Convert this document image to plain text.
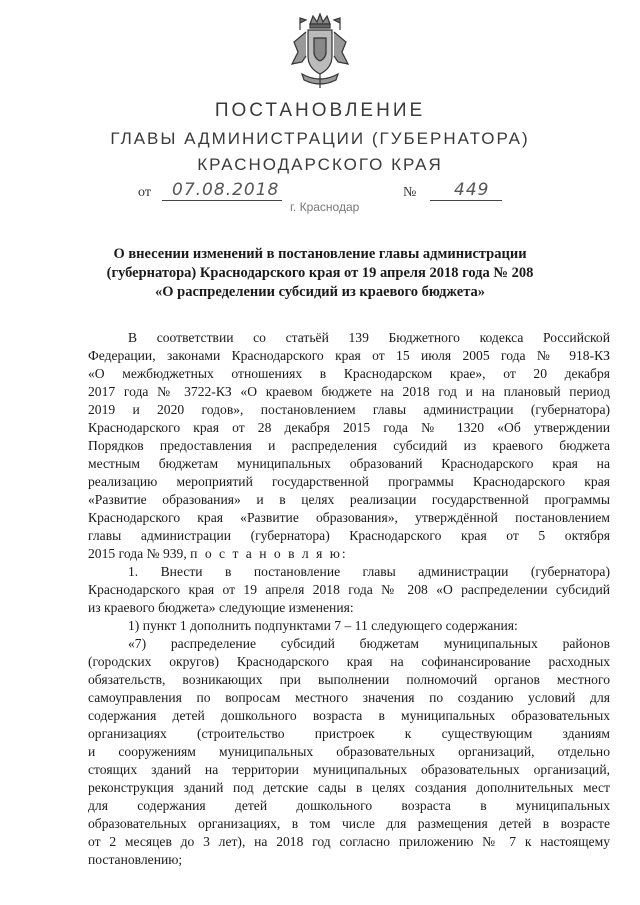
ПОСТАНОВЛЕНИЕ
ГЛАВЫ АДМИНИСТРАЦИИ (ГУБЕРНАТОРА)
КРАСНОДАРСКОГО КРАЯ
от 07.08.2018	№ 449
г. Краснодар
О внесении изменений в постановление главы администрации
(губернатора) Краснодарского края от 19 апреля 2018 года № 208
«О распределении субсидий из краевого бюджета»
В соответствии со статьёй 139 Бюджетного кодекса Российской
Федерации, законами Краснодарского края от 15 июля 2005 года № 918-КЗ
«О межбюджетных отношениях в Краснодарском крае», от 20 декабря
2017 года № 3722-КЗ «О краевом бюджете на 2018 год и на плановый период
2019 и 2020 годов», постановлением главы администрации (губернатора)
Краснодарского края от 28 декабря 2015 года № 1320 «Об утверждении
Порядков предоставления и распределения субсидий из краевого бюджета
местным бюджетам муниципальных образований Краснодарского края на
реализацию мероприятий государственной программы Краснодарского края
«Развитие образования» и в целях реализации государственной программы
Краснодарского края «Развитие образования», утверждённой постановлением
главы администрации (губернатора) Краснодарского края от 5 октября
2015 года № 939, п о с т а н о в л я ю:
1. Внести в постановление главы администрации (губернатора)
Краснодарского края от 19 апреля 2018 года № 208 «О распределении субсидий
из краевого бюджета» следующие изменения:
1) пункт 1 дополнить подпунктами 7 – 11 следующего содержания:
«7) распределение субсидий бюджетам муниципальных районов
(городских округов) Краснодарского края на софинансирование расходных
обязательств, возникающих при выполнении полномочий органов местного
самоуправления по вопросам местного значения по созданию условий для
содержания детей дошкольного возраста в муниципальных образовательных
организациях (строительство пристроек к существующим зданиям
и сооружениям муниципальных образовательных организаций, отдельно
стоящих зданий на территории муниципальных образовательных организаций,
реконструкция зданий под детские сады в целях создания дополнительных мест
для содержания детей дошкольного возраста в муниципальных
образовательных организациях, в том числе для размещения детей в возрасте
от 2 месяцев до 3 лет), на 2018 год согласно приложению № 7 к настоящему
постановлению;
